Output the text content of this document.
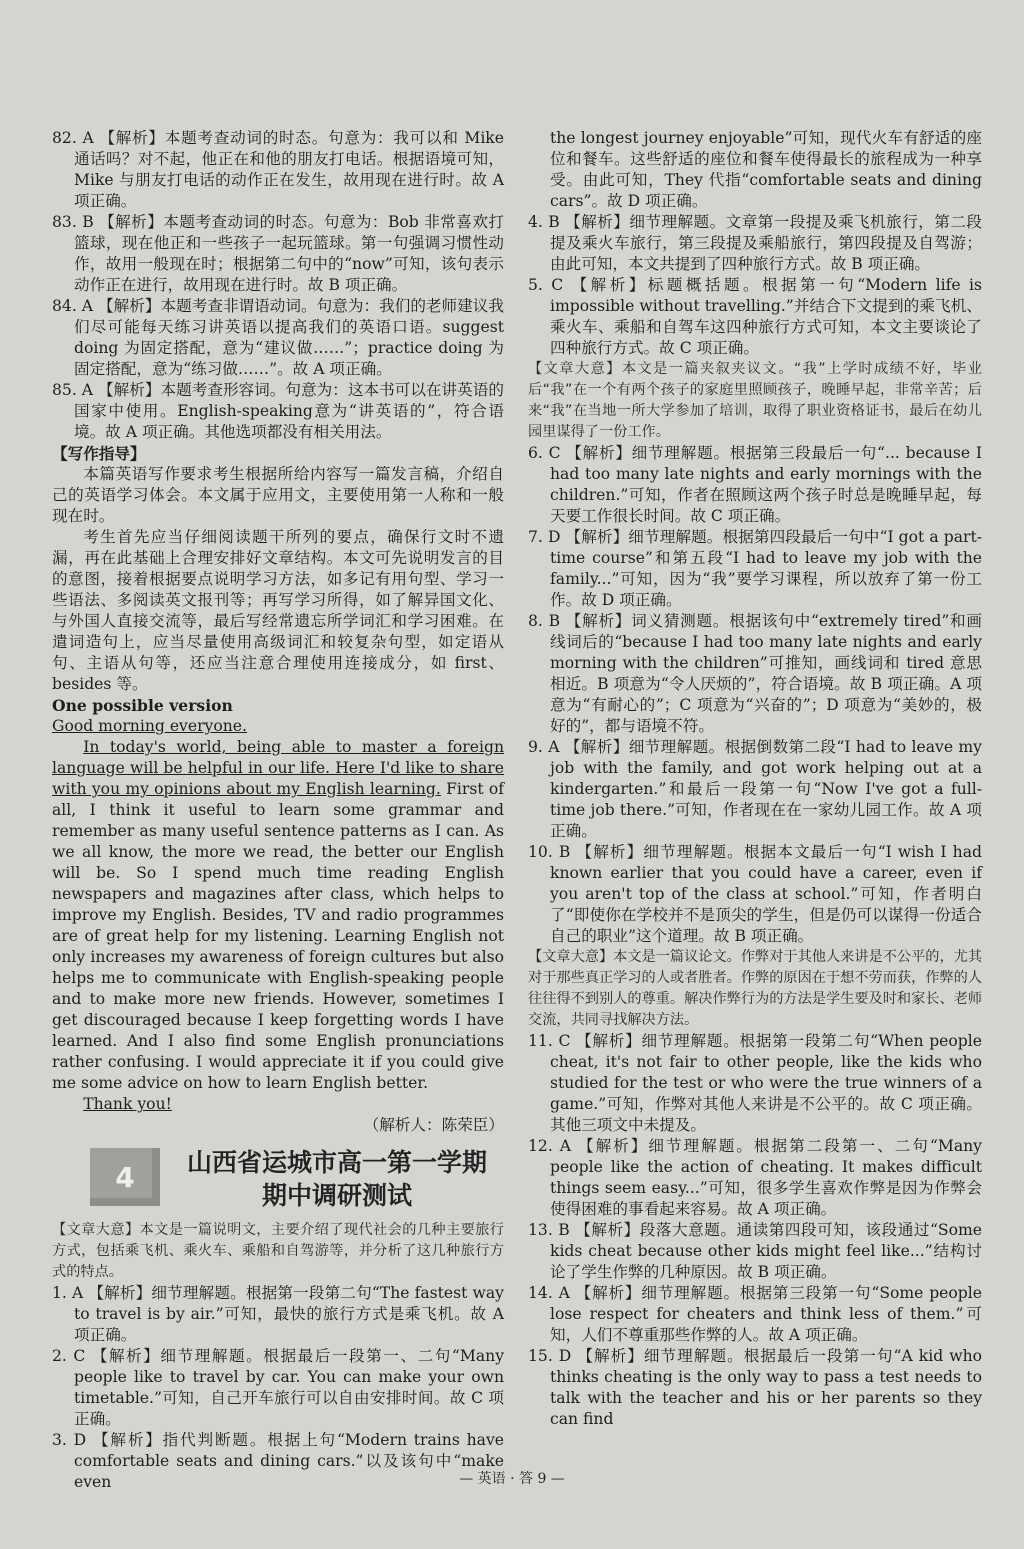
82. A 【解析】本题考查动词的时态。句意为：我可以和 Mike 通话吗？对不起，他正在和他的朋友打电话。根据语境可知，Mike 与朋友打电话的动作正在发生，故用现在进行时。故 A 项正确。

83. B 【解析】本题考查动词的时态。句意为：Bob 非常喜欢打篮球，现在他正和一些孩子一起玩篮球。第一句强调习惯性动作，故用一般现在时；根据第二句中的“now”可知，该句表示动作正在进行，故用现在进行时。故 B 项正确。

84. A 【解析】本题考查非谓语动词。句意为：我们的老师建议我们尽可能每天练习讲英语以提高我们的英语口语。suggest doing 为固定搭配，意为“建议做……”；practice doing 为固定搭配，意为“练习做……”。故 A 项正确。

85. A 【解析】本题考查形容词。句意为：这本书可以在讲英语的国家中使用。English-speaking意为“讲英语的”，符合语境。故 A 项正确。其他选项都没有相关用法。

【写作指导】

本篇英语写作要求考生根据所给内容写一篇发言稿，介绍自己的英语学习体会。本文属于应用文，主要使用第一人称和一般现在时。

考生首先应当仔细阅读题干所列的要点，确保行文时不遗漏，再在此基础上合理安排好文章结构。本文可先说明发言的目的意图，接着根据要点说明学习方法，如多记有用句型、学习一些语法、多阅读英文报刊等；再写学习所得，如了解异国文化、与外国人直接交流等，最后写经常遗忘所学词汇和学习困难。在遣词造句上，应当尽量使用高级词汇和较复杂句型，如定语从句、主语从句等，还应当注意合理使用连接成分，如 first、besides 等。

One possible version

Good morning everyone.

In today's world, being able to master a foreign language will be helpful in our life. Here I'd like to share with you my opinions about my English learning. First of all, I think it useful to learn some grammar and remember as many useful sentence patterns as I can. As we all know, the more we read, the better our English will be. So I spend much time reading English newspapers and magazines after class, which helps to improve my English. Besides, TV and radio programmes are of great help for my listening. Learning English not only increases my awareness of foreign cultures but also helps me to communicate with English-speaking people and to make more new friends. However, sometimes I get discouraged because I keep forgetting words I have learned. And I also find some English pronunciations rather confusing. I would appreciate it if you could give me some advice on how to learn English better.

Thank you!

（解析人：陈荣臣）

4	山西省运城市高一第一学期
期中调研测试

【文章大意】本文是一篇说明文，主要介绍了现代社会的几种主要旅行方式，包括乘飞机、乘火车、乘船和自驾游等，并分析了这几种旅行方式的特点。

1. A 【解析】细节理解题。根据第一段第二句“The fastest way to travel is by air.”可知，最快的旅行方式是乘飞机。故 A 项正确。

2. C 【解析】细节理解题。根据最后一段第一、二句“Many people like to travel by car. You can make your own timetable.”可知，自己开车旅行可以自由安排时间。故 C 项正确。

3. D 【解析】指代判断题。根据上句“Modern trains have comfortable seats and dining cars.”以及该句中“make even

the longest journey enjoyable”可知，现代火车有舒适的座位和餐车。这些舒适的座位和餐车使得最长的旅程成为一种享受。由此可知，They 代指“comfortable seats and dining cars”。故 D 项正确。

4. B 【解析】细节理解题。文章第一段提及乘飞机旅行，第二段提及乘火车旅行，第三段提及乘船旅行，第四段提及自驾游；由此可知，本文共提到了四种旅行方式。故 B 项正确。

5. C 【解析】标题概括题。根据第一句“Modern life is impossible without travelling.”并结合下文提到的乘飞机、乘火车、乘船和自驾车这四种旅行方式可知，本文主要谈论了四种旅行方式。故 C 项正确。

【文章大意】本文是一篇夹叙夹议文。“我”上学时成绩不好，毕业后“我”在一个有两个孩子的家庭里照顾孩子，晚睡早起，非常辛苦；后来“我”在当地一所大学参加了培训，取得了职业资格证书，最后在幼儿园里谋得了一份工作。

6. C 【解析】细节理解题。根据第三段最后一句“... because I had too many late nights and early mornings with the children.”可知，作者在照顾这两个孩子时总是晚睡早起，每天要工作很长时间。故 C 项正确。

7. D 【解析】细节理解题。根据第四段最后一句中“I got a part-time course”和第五段“I had to leave my job with the family...”可知，因为“我”要学习课程，所以放弃了第一份工作。故 D 项正确。

8. B 【解析】词义猜测题。根据该句中“extremely tired”和画线词后的“because I had too many late nights and early morning with the children”可推知，画线词和 tired 意思相近。B 项意为“令人厌烦的”，符合语境。故 B 项正确。A 项意为“有耐心的”；C 项意为“兴奋的”；D 项意为“美妙的，极好的”，都与语境不符。

9. A 【解析】细节理解题。根据倒数第二段“I had to leave my job with the family, and got work helping out at a kindergarten.”和最后一段第一句“Now I've got a full-time job there.”可知，作者现在在一家幼儿园工作。故 A 项正确。

10. B 【解析】细节理解题。根据本文最后一句“I wish I had known earlier that you could have a career, even if you aren't top of the class at school.”可知，作者明白了“即使你在学校并不是顶尖的学生，但是仍可以谋得一份适合自己的职业”这个道理。故 B 项正确。

【文章大意】本文是一篇议论文。作弊对于其他人来讲是不公平的，尤其对于那些真正学习的人或者胜者。作弊的原因在于想不劳而获，作弊的人往往得不到别人的尊重。解决作弊行为的方法是学生要及时和家长、老师交流，共同寻找解决方法。

11. C 【解析】细节理解题。根据第一段第二句“When people cheat, it's not fair to other people, like the kids who studied for the test or who were the true winners of a game.”可知，作弊对其他人来讲是不公平的。故 C 项正确。其他三项文中未提及。

12. A 【解析】细节理解题。根据第二段第一、二句“Many people like the action of cheating. It makes difficult things seem easy...”可知，很多学生喜欢作弊是因为作弊会使得困难的事看起来容易。故 A 项正确。

13. B 【解析】段落大意题。通读第四段可知，该段通过“Some kids cheat because other kids might feel like...”结构讨论了学生作弊的几种原因。故 B 项正确。

14. A 【解析】细节理解题。根据第三段第一句“Some people lose respect for cheaters and think less of them.”可知，人们不尊重那些作弊的人。故 A 项正确。

15. D 【解析】细节理解题。根据最后一段第一句“A kid who thinks cheating is the only way to pass a test needs to talk with the teacher and his or her parents so they can find

— 英语 · 答 9 —
